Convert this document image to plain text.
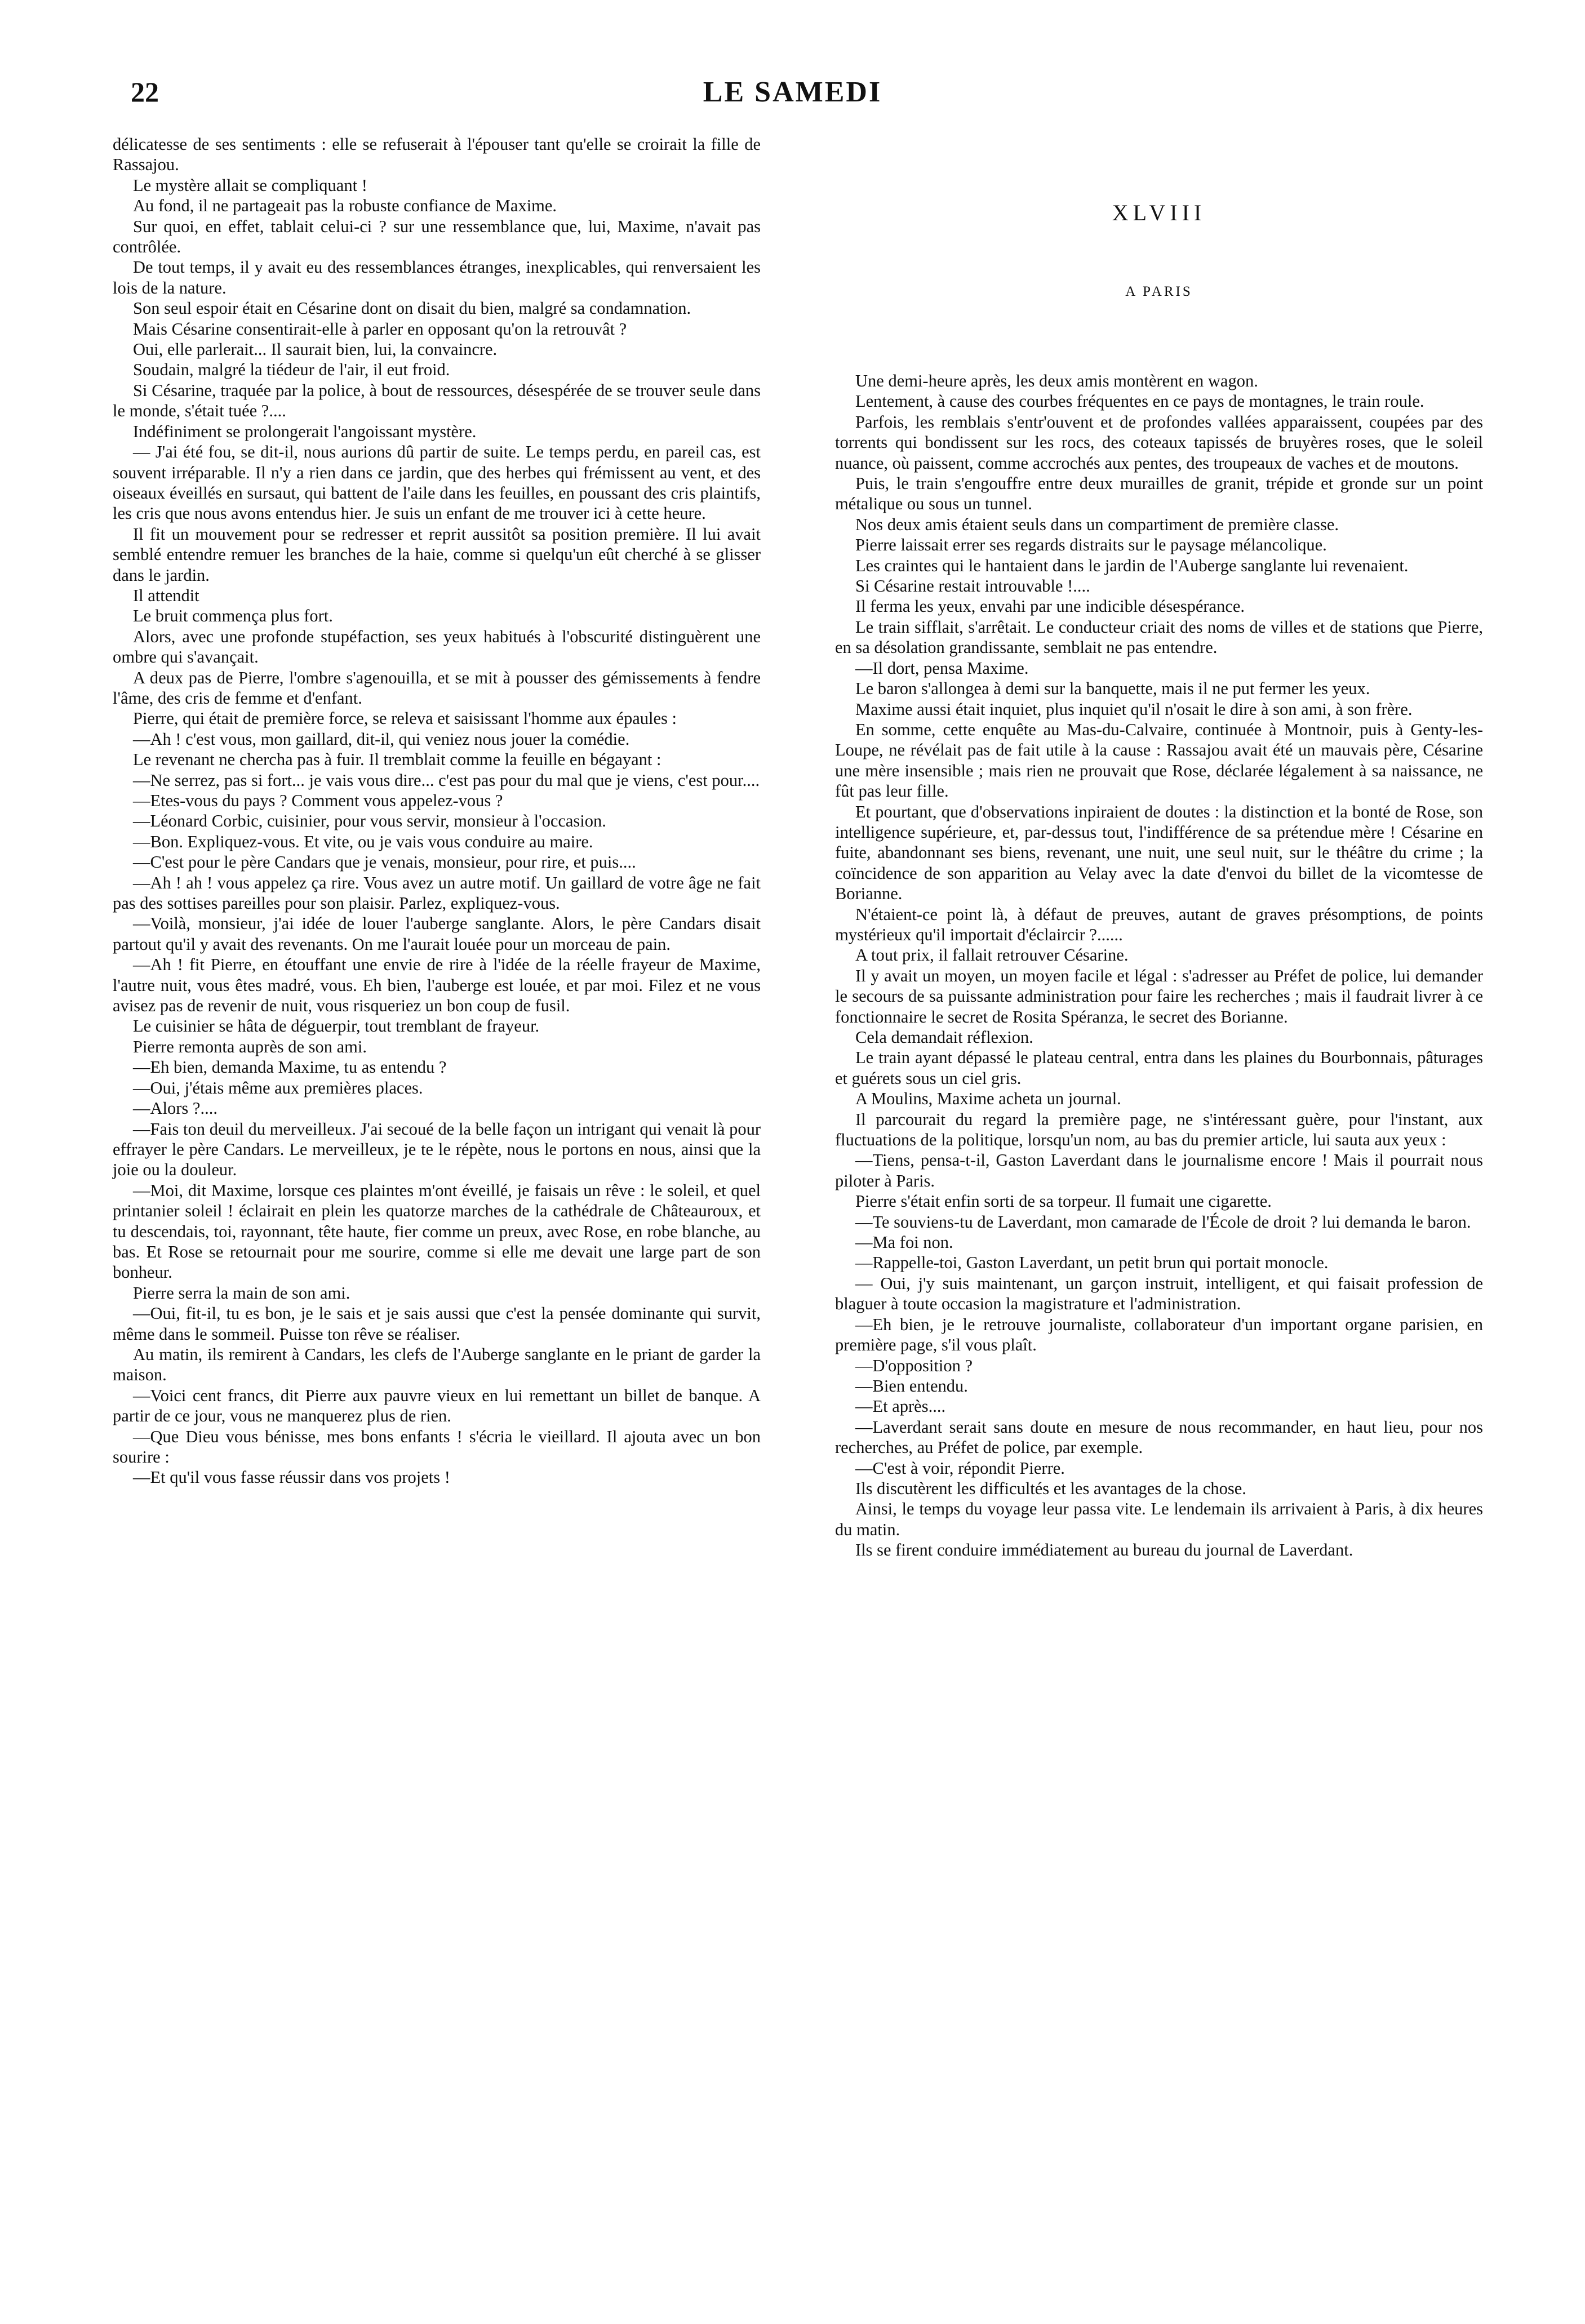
22	LE SAMEDI

délicatesse de ses sentiments : elle se refuserait à l'épouser tant qu'elle se croirait la fille de Rassajou.

Le mystère allait se compliquant !

Au fond, il ne partageait pas la robuste confiance de Maxime.

Sur quoi, en effet, tablait celui-ci ? sur une ressemblance que, lui, Maxime, n'avait pas contrôlée.

De tout temps, il y avait eu des ressemblances étranges, inexplicables, qui renversaient les lois de la nature.

Son seul espoir était en Césarine dont on disait du bien, malgré sa condamnation.

Mais Césarine consentirait-elle à parler en opposant qu'on la retrouvât ?

Oui, elle parlerait... Il saurait bien, lui, la convaincre.

Soudain, malgré la tiédeur de l'air, il eut froid.

Si Césarine, traquée par la police, à bout de ressources, désespérée de se trouver seule dans le monde, s'était tuée ?....

Indéfiniment se prolongerait l'angoissant mystère.

— J'ai été fou, se dit-il, nous aurions dû partir de suite. Le temps perdu, en pareil cas, est souvent irréparable. Il n'y a rien dans ce jardin, que des herbes qui frémissent au vent, et des oiseaux éveillés en sursaut, qui battent de l'aile dans les feuilles, en poussant des cris plaintifs, les cris que nous avons entendus hier. Je suis un enfant de me trouver ici à cette heure.

Il fit un mouvement pour se redresser et reprit aussitôt sa position première. Il lui avait semblé entendre remuer les branches de la haie, comme si quelqu'un eût cherché à se glisser dans le jardin.

Il attendit

Le bruit commença plus fort.

Alors, avec une profonde stupéfaction, ses yeux habitués à l'obscurité distinguèrent une ombre qui s'avançait.

A deux pas de Pierre, l'ombre s'agenouilla, et se mit à pousser des gémissements à fendre l'âme, des cris de femme et d'enfant.

Pierre, qui était de première force, se releva et saisissant l'homme aux épaules :

—Ah ! c'est vous, mon gaillard, dit-il, qui veniez nous jouer la comédie.

Le revenant ne chercha pas à fuir. Il tremblait comme la feuille en bégayant :

—Ne serrez, pas si fort... je vais vous dire... c'est pas pour du mal que je viens, c'est pour....

—Etes-vous du pays ? Comment vous appelez-vous ?

—Léonard Corbic, cuisinier, pour vous servir, monsieur à l'occasion.

—Bon. Expliquez-vous. Et vite, ou je vais vous conduire au maire.

—C'est pour le père Candars que je venais, monsieur, pour rire, et puis....

—Ah ! ah ! vous appelez ça rire. Vous avez un autre motif. Un gaillard de votre âge ne fait pas des sottises pareilles pour son plaisir. Parlez, expliquez-vous.

—Voilà, monsieur, j'ai idée de louer l'auberge sanglante. Alors, le père Candars disait partout qu'il y avait des revenants. On me l'aurait louée pour un morceau de pain.

—Ah ! fit Pierre, en étouffant une envie de rire à l'idée de la réelle frayeur de Maxime, l'autre nuit, vous êtes madré, vous. Eh bien, l'auberge est louée, et par moi. Filez et ne vous avisez pas de revenir de nuit, vous risqueriez un bon coup de fusil.

Le cuisinier se hâta de déguerpir, tout tremblant de frayeur.

Pierre remonta auprès de son ami.

—Eh bien, demanda Maxime, tu as entendu ?

—Oui, j'étais même aux premières places.

—Alors ?....

—Fais ton deuil du merveilleux. J'ai secoué de la belle façon un intrigant qui venait là pour effrayer le père Candars. Le merveilleux, je te le répète, nous le portons en nous, ainsi que la joie ou la douleur.

—Moi, dit Maxime, lorsque ces plaintes m'ont éveillé, je faisais un rêve : le soleil, et quel printanier soleil ! éclairait en plein les quatorze marches de la cathédrale de Châteauroux, et tu descendais, toi, rayonnant, tête haute, fier comme un preux, avec Rose, en robe blanche, au bas. Et Rose se retournait pour me sourire, comme si elle me devait une large part de son bonheur.

Pierre serra la main de son ami.

—Oui, fit-il, tu es bon, je le sais et je sais aussi que c'est la pensée dominante qui survit, même dans le sommeil. Puisse ton rêve se réaliser.

Au matin, ils remirent à Candars, les clefs de l'Auberge sanglante en le priant de garder la maison.

—Voici cent francs, dit Pierre aux pauvre vieux en lui remettant un billet de banque. A partir de ce jour, vous ne manquerez plus de rien.

—Que Dieu vous bénisse, mes bons enfants ! s'écria le vieillard. Il ajouta avec un bon sourire :

—Et qu'il vous fasse réussir dans vos projets !

XLVIII
A PARIS

Une demi-heure après, les deux amis montèrent en wagon.

Lentement, à cause des courbes fréquentes en ce pays de montagnes, le train roule.

Parfois, les remblais s'entr'ouvent et de profondes vallées apparaissent, coupées par des torrents qui bondissent sur les rocs, des coteaux tapissés de bruyères roses, que le soleil nuance, où paissent, comme accrochés aux pentes, des troupeaux de vaches et de moutons.

Puis, le train s'engouffre entre deux murailles de granit, trépide et gronde sur un point métalique ou sous un tunnel.

Nos deux amis étaient seuls dans un compartiment de première classe.

Pierre laissait errer ses regards distraits sur le paysage mélancolique.

Les craintes qui le hantaient dans le jardin de l'Auberge sanglante lui revenaient.

Si Césarine restait introuvable !....

Il ferma les yeux, envahi par une indicible désespérance.

Le train sifflait, s'arrêtait. Le conducteur criait des noms de villes et de stations que Pierre, en sa désolation grandissante, semblait ne pas entendre.

—Il dort, pensa Maxime.

Le baron s'allongea à demi sur la banquette, mais il ne put fermer les yeux.

Maxime aussi était inquiet, plus inquiet qu'il n'osait le dire à son ami, à son frère.

En somme, cette enquête au Mas-du-Calvaire, continuée à Montnoir, puis à Genty-les-Loupe, ne révélait pas de fait utile à la cause : Rassajou avait été un mauvais père, Césarine une mère insensible ; mais rien ne prouvait que Rose, déclarée légalement à sa naissance, ne fût pas leur fille.

Et pourtant, que d'observations inpiraient de doutes : la distinction et la bonté de Rose, son intelligence supérieure, et, par-dessus tout, l'indifférence de sa prétendue mère ! Césarine en fuite, abandonnant ses biens, revenant, une nuit, une seul nuit, sur le théâtre du crime ; la coïncidence de son apparition au Velay avec la date d'envoi du billet de la vicomtesse de Borianne.

N'étaient-ce point là, à défaut de preuves, autant de graves présomptions, de points mystérieux qu'il importait d'éclaircir ?......

A tout prix, il fallait retrouver Césarine.

Il y avait un moyen, un moyen facile et légal : s'adresser au Préfet de police, lui demander le secours de sa puissante administration pour faire les recherches ; mais il faudrait livrer à ce fonctionnaire le secret de Rosita Spéranza, le secret des Borianne.

Cela demandait réflexion.

Le train ayant dépassé le plateau central, entra dans les plaines du Bourbonnais, pâturages et guérets sous un ciel gris.

A Moulins, Maxime acheta un journal.

Il parcourait du regard la première page, ne s'intéressant guère, pour l'instant, aux fluctuations de la politique, lorsqu'un nom, au bas du premier article, lui sauta aux yeux :

—Tiens, pensa-t-il, Gaston Laverdant dans le journalisme encore ! Mais il pourrait nous piloter à Paris.

Pierre s'était enfin sorti de sa torpeur. Il fumait une cigarette.

—Te souviens-tu de Laverdant, mon camarade de l'École de droit ? lui demanda le baron.

—Ma foi non.

—Rappelle-toi, Gaston Laverdant, un petit brun qui portait monocle.

— Oui, j'y suis maintenant, un garçon instruit, intelligent, et qui faisait profession de blaguer à toute occasion la magistrature et l'administration.

—Eh bien, je le retrouve journaliste, collaborateur d'un important organe parisien, en première page, s'il vous plaît.

—D'opposition ?

—Bien entendu.

—Et après....

—Laverdant serait sans doute en mesure de nous recommander, en haut lieu, pour nos recherches, au Préfet de police, par exemple.

—C'est à voir, répondit Pierre.

Ils discutèrent les difficultés et les avantages de la chose.

Ainsi, le temps du voyage leur passa vite. Le lendemain ils arrivaient à Paris, à dix heures du matin.

Ils se firent conduire immédiatement au bureau du journal de Laverdant.
